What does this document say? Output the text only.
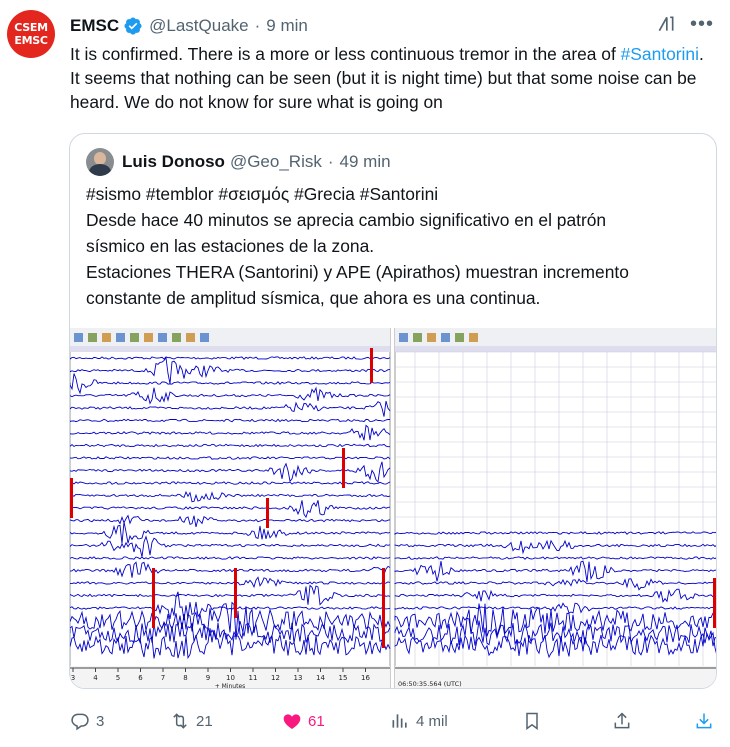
CSEM
EMSC
EMSC @LastQuake · 9 min	•••
It is confirmed. There is a more or less continuous tremor in the area of #Santorini. It seems that nothing can be seen (but it is night time) but that some noise can be heard. We do not know for sure what is going on
Luis Donoso @Geo_Risk · 49 min
#sismo #temblor #σεισμός #Grecia #Santorini
Desde hace 40 minutos se aprecia cambio significativo en el patrón
sísmico en las estaciones de la zona.
Estaciones THERA (Santorini) y APE (Apirathos) muestran incremento
constante de amplitud sísmica, que ahora es una continua.
3	4	5	6	7	8	9 10 11 12 13 14 15 16
+ Minutes	06:50:35.564 (UTC)
3	21	61	4 mil
